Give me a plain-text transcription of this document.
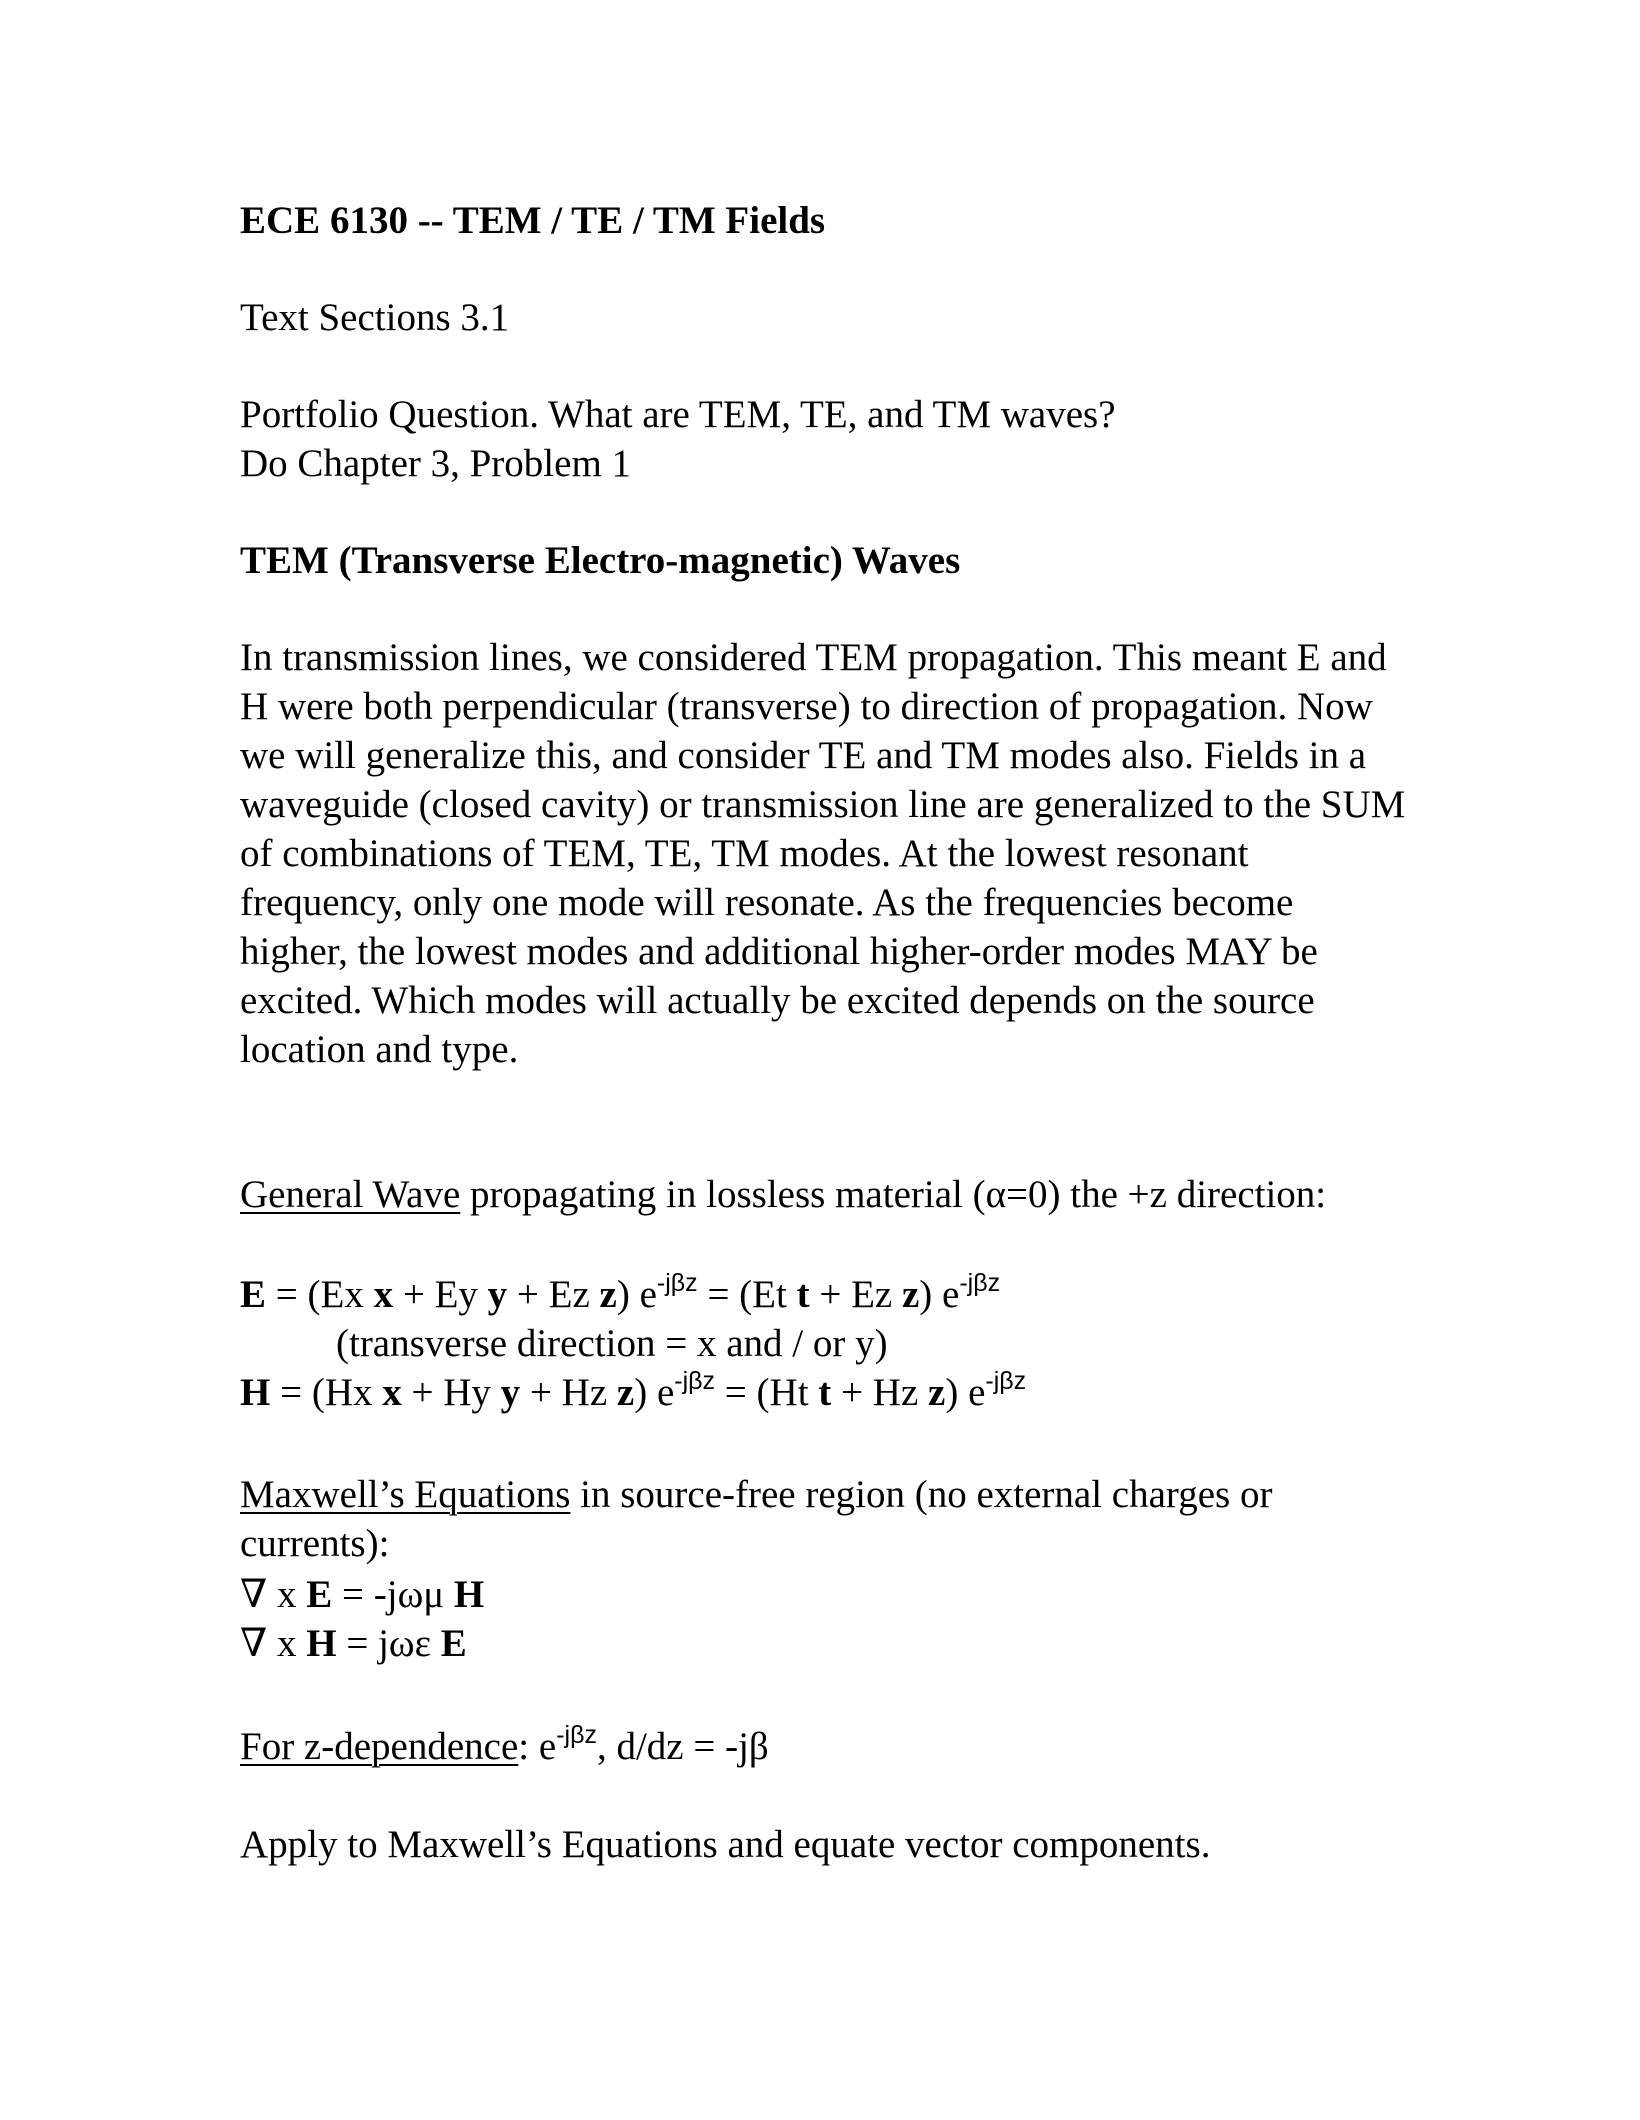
ECE 6130 -- TEM / TE / TM Fields
Text Sections 3.1
Portfolio Question. What are TEM, TE, and TM waves?
Do Chapter 3, Problem 1
TEM (Transverse Electro-magnetic) Waves
In transmission lines, we considered TEM propagation. This meant E and H were both perpendicular (transverse) to direction of propagation. Now we will generalize this, and consider TE and TM modes also. Fields in a waveguide (closed cavity) or transmission line are generalized to the SUM of combinations of TEM, TE, TM modes. At the lowest resonant frequency, only one mode will resonate. As the frequencies become higher, the lowest modes and additional higher-order modes MAY be excited. Which modes will actually be excited depends on the source location and type.
General Wave propagating in lossless material (α=0) the +z direction:
E = (Ex x + Ey y + Ez z) $e^{-j\beta z} = (Et$ t + Ez z) $e^{-j\beta z}$
(transverse direction = x and / or y)
H = (Hx x + Hy y + Hz z) $e^{-j\beta z} = (Ht$ t + Hz z) $e^{-j\beta z}$
Maxwell’s Equations in source-free region (no external charges or currents):
∇ x E = -jωμ H
∇ x H = jωε E
For z-dependence: $e^{-j\beta z}$, d/dz = -jβ
Apply to Maxwell’s Equations and equate vector components.
